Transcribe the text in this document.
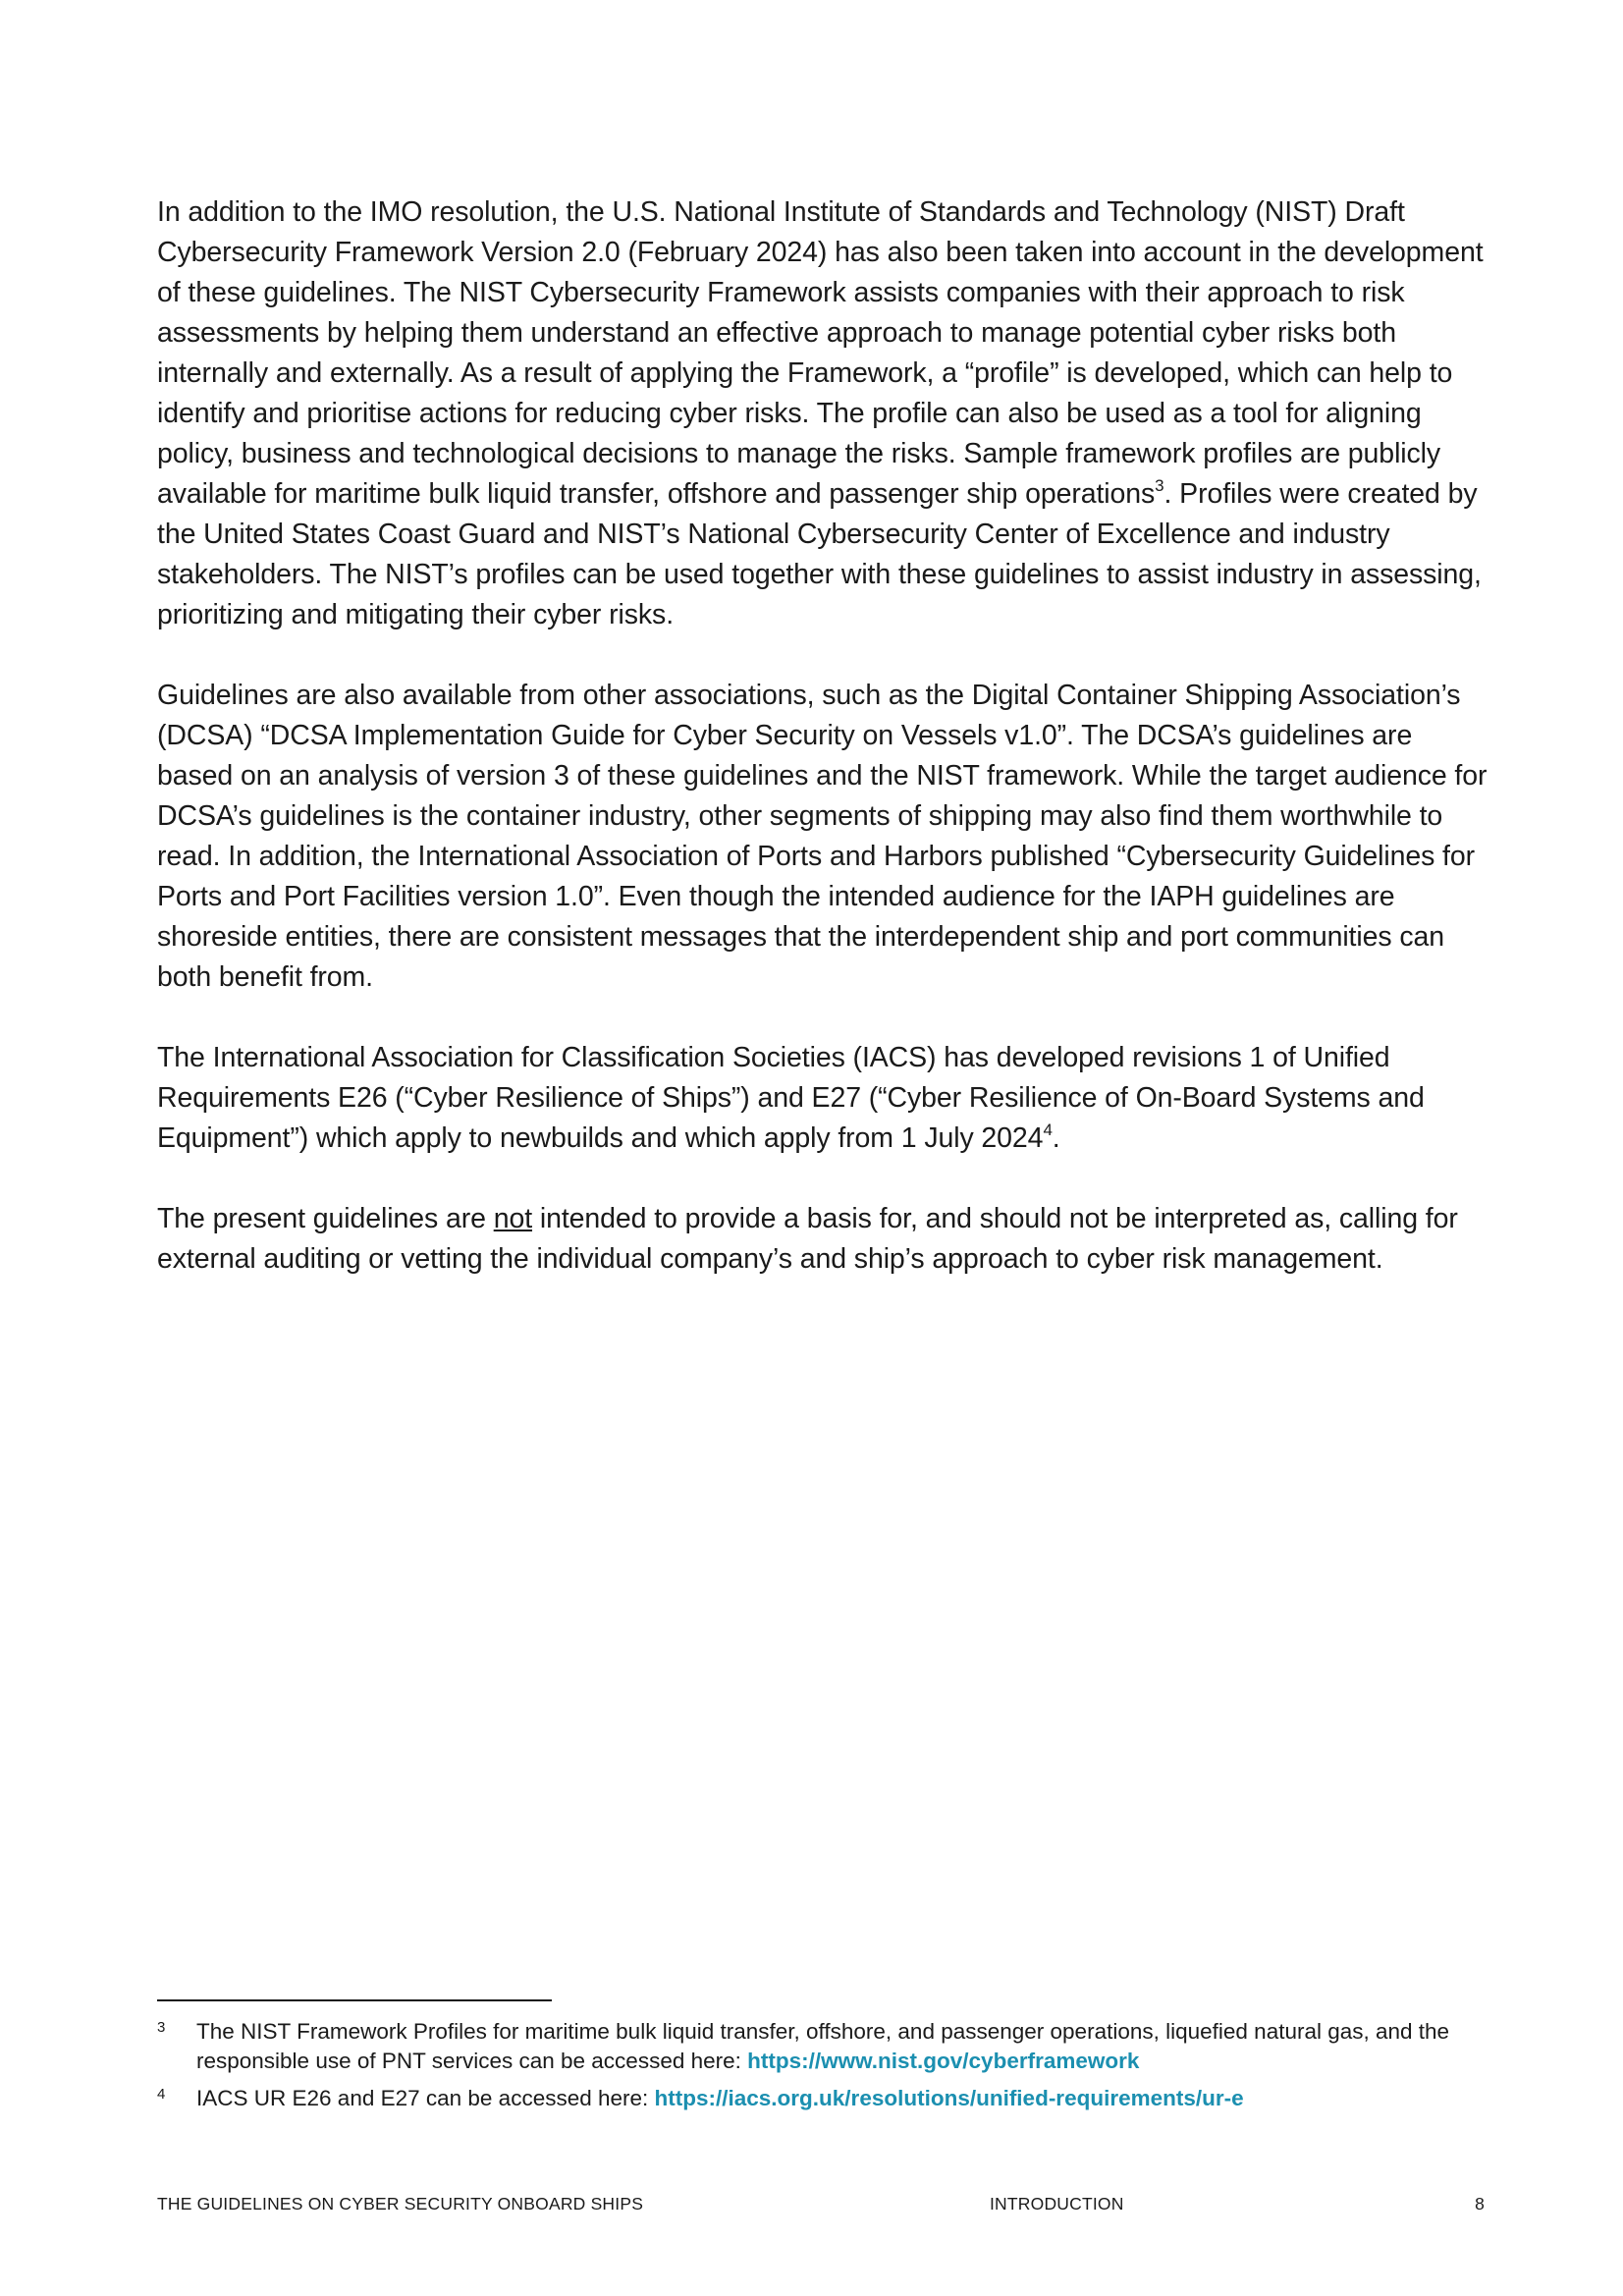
In addition to the IMO resolution, the U.S. National Institute of Standards and Technology (NIST) Draft Cybersecurity Framework Version 2.0 (February 2024) has also been taken into account in the development of these guidelines. The NIST Cybersecurity Framework assists companies with their approach to risk assessments by helping them understand an effective approach to manage potential cyber risks both internally and externally. As a result of applying the Framework, a “profile” is developed, which can help to identify and prioritise actions for reducing cyber risks. The profile can also be used as a tool for aligning policy, business and technological decisions to manage the risks. Sample framework profiles are publicly available for maritime bulk liquid transfer, offshore and passenger ship operations$^3$. Profiles were created by the United States Coast Guard and NIST’s National Cybersecurity Center of Excellence and industry stakeholders. The NIST’s profiles can be used together with these guidelines to assist industry in assessing, prioritizing and mitigating their cyber risks.

Guidelines are also available from other associations, such as the Digital Container Shipping Association’s (DCSA) “DCSA Implementation Guide for Cyber Security on Vessels v1.0”. The DCSA’s guidelines are based on an analysis of version 3 of these guidelines and the NIST framework. While the target audience for DCSA’s guidelines is the container industry, other segments of shipping may also find them worthwhile to read. In addition, the International Association of Ports and Harbors published “Cybersecurity Guidelines for Ports and Port Facilities version 1.0”. Even though the intended audience for the IAPH guidelines are shoreside entities, there are consistent messages that the interdependent ship and port communities can both benefit from.

The International Association for Classification Societies (IACS) has developed revisions 1 of Unified Requirements E26 (“Cyber Resilience of Ships”) and E27 (“Cyber Resilience of On-Board Systems and Equipment”) which apply to newbuilds and which apply from 1 July 2024$^4$.

The present guidelines are not intended to provide a basis for, and should not be interpreted as, calling for external auditing or vetting the individual company’s and ship’s approach to cyber risk management.

3 The NIST Framework Profiles for maritime bulk liquid transfer, offshore, and passenger operations, liquefied natural gas, and the responsible use of PNT services can be accessed here: https://www.nist.gov/cyberframework
4 IACS UR E26 and E27 can be accessed here: https://iacs.org.uk/resolutions/unified-requirements/ur-e
THE GUIDELINES ON CYBER SECURITY ONBOARD SHIPS	INTRODUCTION	8
